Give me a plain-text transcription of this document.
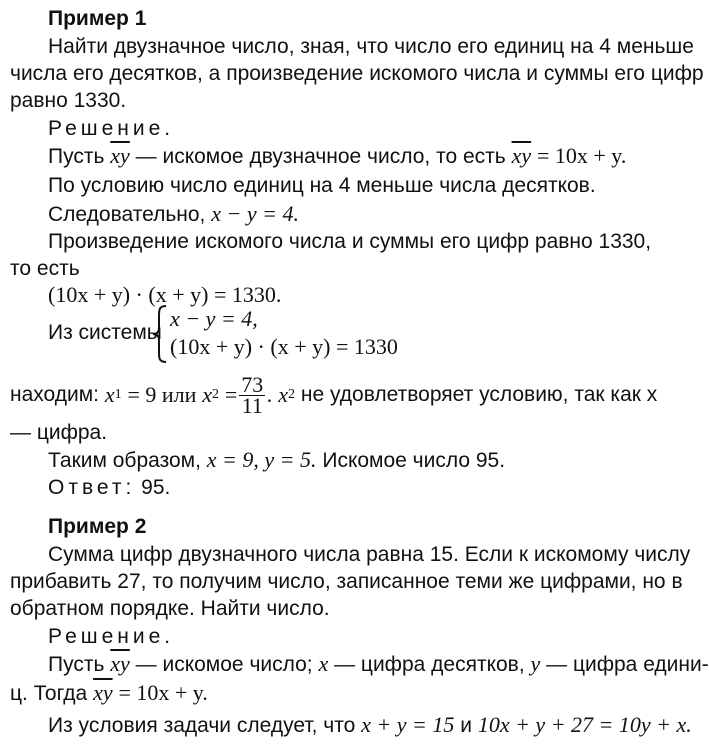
Пример 1
Найти двузначное число, зная, что число его единиц на 4 меньше
числа его десятков, а произведение искомого числа и суммы его цифр
равно 1330.
Решение.
Пусть $\overline{xy}$ — искомое двузначное число, то есть $\overline{xy} = 10x + y$.
По условию число единиц на 4 меньше числа десятков.
Следовательно, x − y = 4.
Произведение искомого числа и суммы его цифр равно 1330,
то есть
(10x + y) · (x + y) = 1330.
Из системы
x − y = 4,
(10x + y) · (x + y) = 1330
находим:
x 1
= 9 или
x 2
= $\frac{73}{11}$ . x 2
не удовлетворяет условию, так как x
— цифра.
Таким образом, x = 9, y = 5. Искомое число 95.
Ответ: 95.
Пример 2
Сумма цифр двузначного числа равна 15. Если к искомому числу
прибавить 27, то получим число, записанное теми же цифрами, но в
обратном порядке. Найти число.
Решение.
Пусть $\overline{xy}$ — искомое число; x — цифра десятков, y — цифра едини-
ц. Тогда $\overline{xy} = 10x + y$.
Из условия задачи следует, что x + y = 15 и 10x + y + 27 = 10y + x.
